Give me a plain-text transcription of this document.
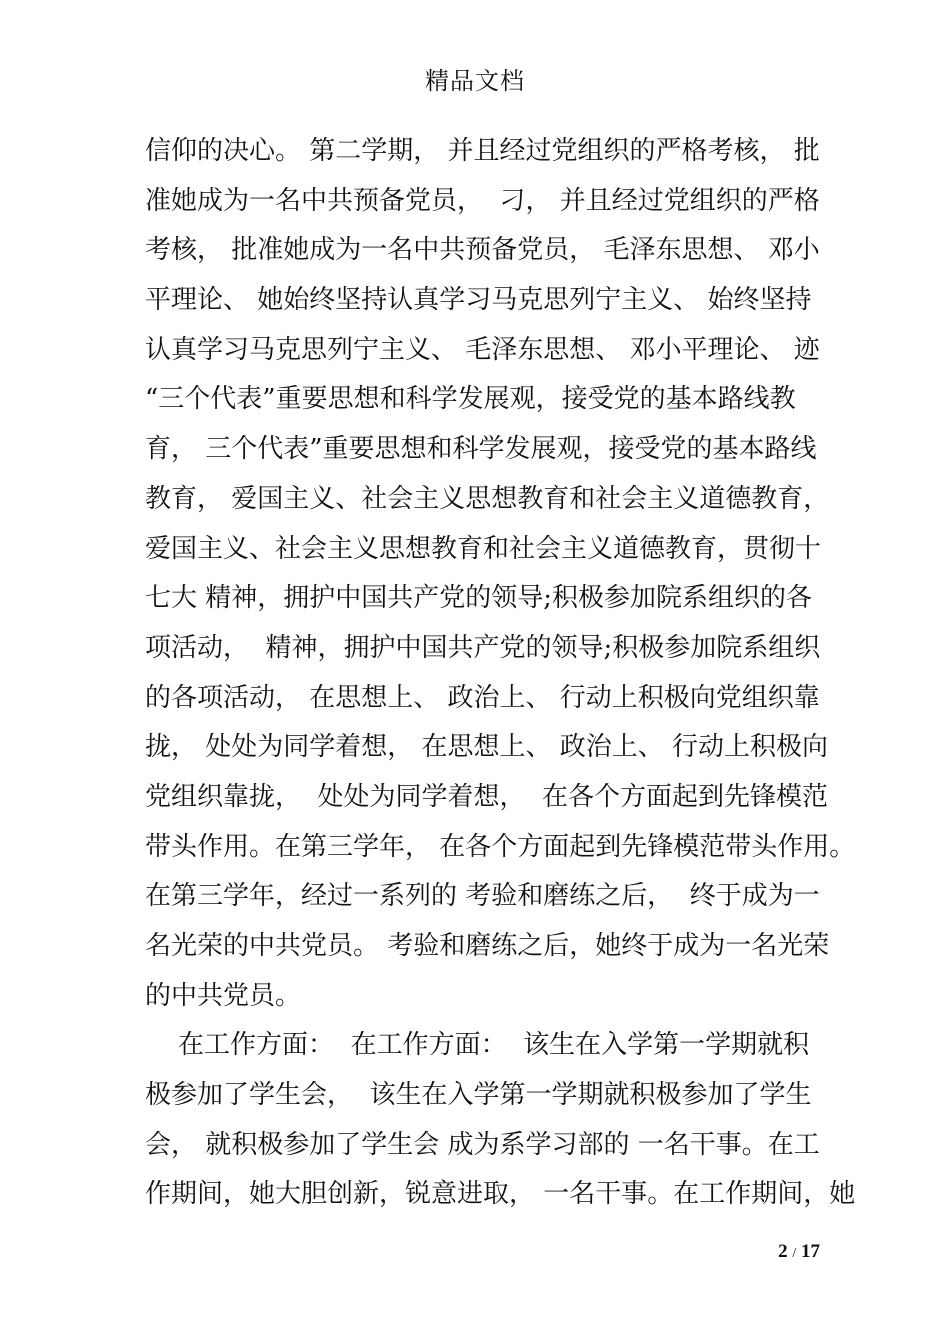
精品文档
信仰的决心。 第二学期， 并且经过党组织的严格考核， 批
准她成为一名中共预备党员，  刁， 并且经过党组织的严格
考核， 批准她成为一名中共预备党员， 毛泽东思想、 邓小
平理论、 她始终坚持认真学习马克思列宁主义、 始终坚持
认真学习马克思列宁主义、 毛泽东思想、 邓小平理论、 迹
“三个代表”重要思想和科学发展观，接受党的基本路线教
育， 三个代表”重要思想和科学发展观，接受党的基本路线
教育， 爱国主义、社会主义思想教育和社会主义道德教育，
爱国主义、社会主义思想教育和社会主义道德教育，贯彻十
七大 精神，拥护中国共产党的领导;积极参加院系组织的各
项活动，  精神，拥护中国共产党的领导;积极参加院系组织
的各项活动， 在思想上、 政治上、 行动上积极向党组织靠
拢， 处处为同学着想， 在思想上、 政治上、 行动上积极向
党组织靠拢，  处处为同学着想，  在各个方面起到先锋模范
带头作用。在第三学年， 在各个方面起到先锋模范带头作用。
在第三学年，经过一系列的 考验和磨练之后，  终于成为一
名光荣的中共党员。 考验和磨练之后，她终于成为一名光荣
的中共党员。
在工作方面：  在工作方面：  该生在入学第一学期就积
极参加了学生会，  该生在入学第一学期就积极参加了学生
会， 就积极参加了学生会 成为系学习部的 一名干事。在工
作期间，她大胆创新，锐意进取， 一名干事。在工作期间，她
2 / 17
